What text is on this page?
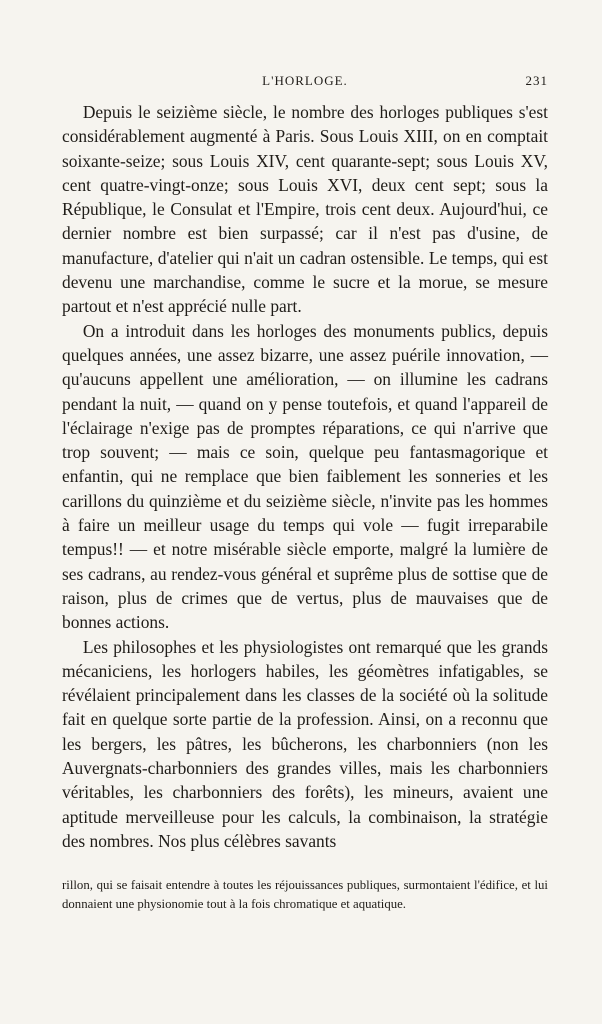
L'HORLOGE.	231

Depuis le seizième siècle, le nombre des horloges publiques s'est considérablement augmenté à Paris. Sous Louis XIII, on en comptait soixante-seize; sous Louis XIV, cent quarante-sept; sous Louis XV, cent quatre-vingt-onze; sous Louis XVI, deux cent sept; sous la République, le Consulat et l'Empire, trois cent deux. Aujourd'hui, ce dernier nombre est bien surpassé; car il n'est pas d'usine, de manufacture, d'atelier qui n'ait un cadran ostensible. Le temps, qui est devenu une marchandise, comme le sucre et la morue, se mesure partout et n'est apprécié nulle part.

On a introduit dans les horloges des monuments publics, depuis quelques années, une assez bizarre, une assez puérile innovation, — qu'aucuns appellent une amélioration, — on illumine les cadrans pendant la nuit, — quand on y pense toutefois, et quand l'appareil de l'éclairage n'exige pas de promptes réparations, ce qui n'arrive que trop souvent; — mais ce soin, quelque peu fantasmagorique et enfantin, qui ne remplace que bien faiblement les sonneries et les carillons du quinzième et du seizième siècle, n'invite pas les hommes à faire un meilleur usage du temps qui vole — fugit irreparabile tempus!! — et notre misérable siècle emporte, malgré la lumière de ses cadrans, au rendez-vous général et suprême plus de sottise que de raison, plus de crimes que de vertus, plus de mauvaises que de bonnes actions.

Les philosophes et les physiologistes ont remarqué que les grands mécaniciens, les horlogers habiles, les géomètres infatigables, se révélaient principalement dans les classes de la société où la solitude fait en quelque sorte partie de la profession. Ainsi, on a reconnu que les bergers, les pâtres, les bûcherons, les charbonniers (non les Auvergnats-charbonniers des grandes villes, mais les charbonniers véritables, les charbonniers des forêts), les mineurs, avaient une aptitude merveilleuse pour les calculs, la combinaison, la stratégie des nombres. Nos plus célèbres savants

rillon, qui se faisait entendre à toutes les réjouissances publiques, surmontaient l'édifice, et lui donnaient une physionomie tout à la fois chromatique et aquatique.
